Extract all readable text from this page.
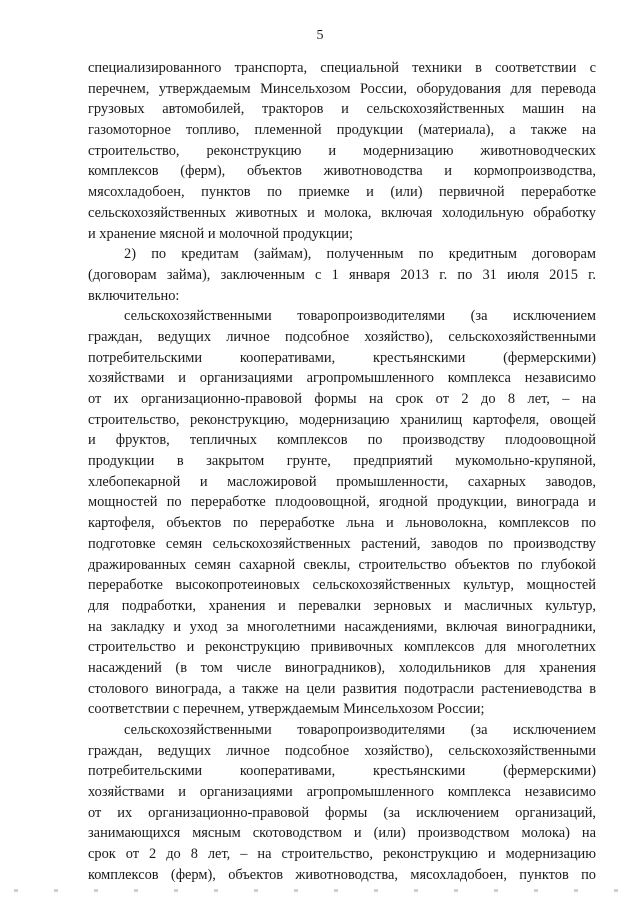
5
специализированного транспорта, специальной техники в соответствии с
перечнем, утверждаемым Минсельхозом России, оборудования для перевода
грузовых автомобилей, тракторов и сельскохозяйственных машин на
газомоторное топливо, племенной продукции (материала), а также на
строительство, реконструкцию и модернизацию животноводческих
комплексов (ферм), объектов животноводства и кормопроизводства,
мясохладобоен, пунктов по приемке и (или) первичной переработке
сельскохозяйственных животных и молока, включая холодильную обработку
и хранение мясной и молочной продукции;
2) по кредитам (займам), полученным по кредитным договорам
(договорам займа), заключенным с 1 января 2013 г. по 31 июля 2015 г.
включительно:
сельскохозяйственными товаропроизводителями (за исключением
граждан, ведущих личное подсобное хозяйство), сельскохозяйственными
потребительскими кооперативами, крестьянскими (фермерскими)
хозяйствами и организациями агропромышленного комплекса независимо
от их организационно-правовой формы на срок от 2 до 8 лет, – на
строительство, реконструкцию, модернизацию хранилищ картофеля, овощей
и фруктов, тепличных комплексов по производству плодоовощной
продукции в закрытом грунте, предприятий мукомольно-крупяной,
хлебопекарной и масложировой промышленности, сахарных заводов,
мощностей по переработке плодоовощной, ягодной продукции, винограда и
картофеля, объектов по переработке льна и льноволокна, комплексов по
подготовке семян сельскохозяйственных растений, заводов по производству
дражированных семян сахарной свеклы, строительство объектов по глубокой
переработке высокопротеиновых сельскохозяйственных культур, мощностей
для подработки, хранения и перевалки зерновых и масличных культур,
на закладку и уход за многолетними насаждениями, включая виноградники,
строительство и реконструкцию прививочных комплексов для многолетних
насаждений (в том числе виноградников), холодильников для хранения
столового винограда, а также на цели развития подотрасли растениеводства в
соответствии с перечнем, утверждаемым Минсельхозом России;
сельскохозяйственными товаропроизводителями (за исключением
граждан, ведущих личное подсобное хозяйство), сельскохозяйственными
потребительскими кооперативами, крестьянскими (фермерскими)
хозяйствами и организациями агропромышленного комплекса независимо
от их организационно-правовой формы (за исключением организаций,
занимающихся мясным скотоводством и (или) производством молока) на
срок от 2 до 8 лет, – на строительство, реконструкцию и модернизацию
комплексов (ферм), объектов животноводства, мясохладобоен, пунктов по
